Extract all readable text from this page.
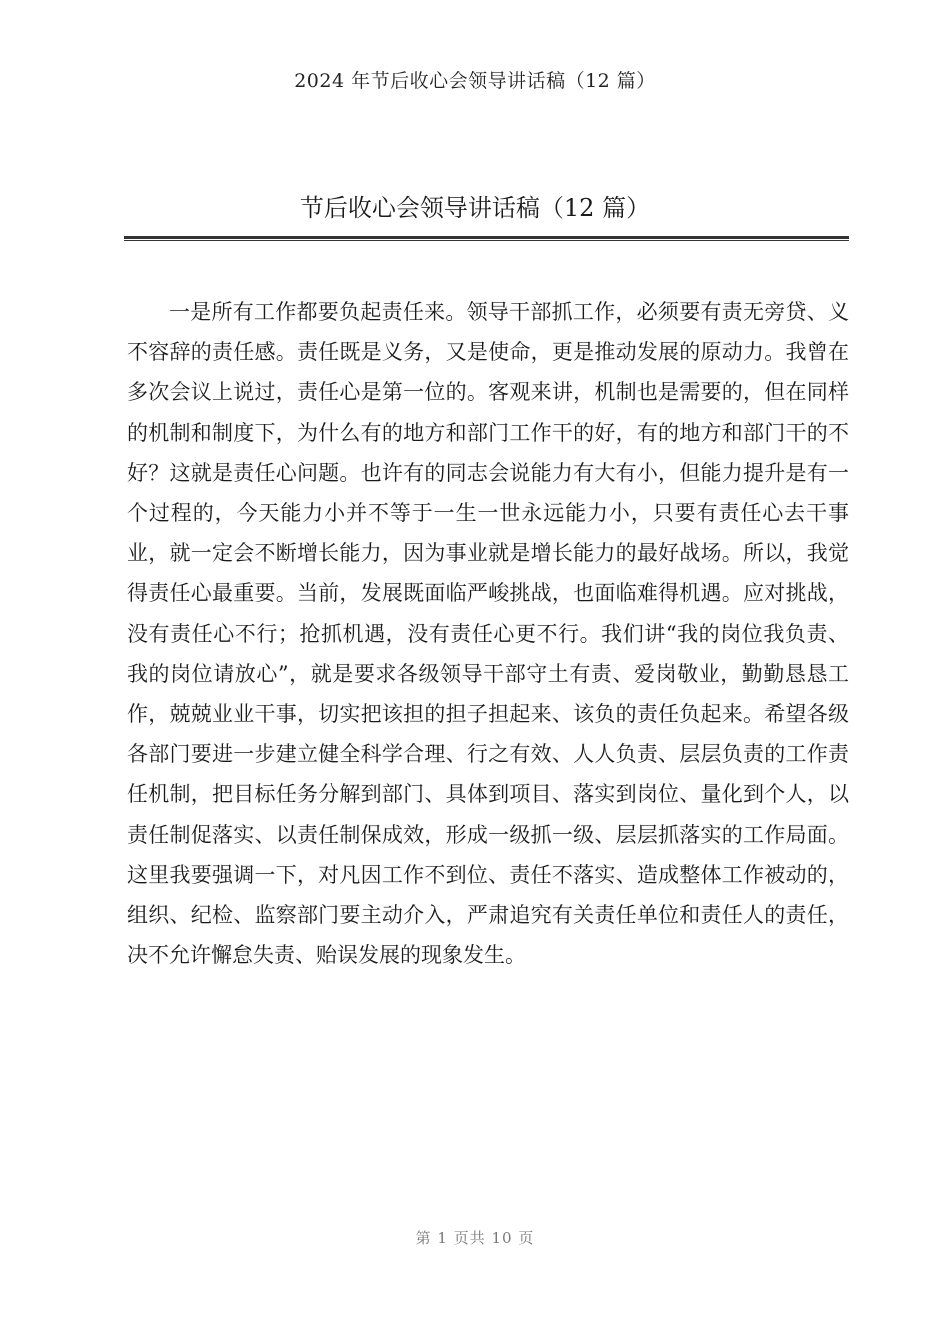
2024 年节后收心会领导讲话稿（12 篇）
节后收心会领导讲话稿（12 篇）

一是所有工作都要负起责任来。领导干部抓工作，必须要有责无旁贷、义不容辞的责任感。责任既是义务，又是使命，更是推动发展的原动力。我曾在多次会议上说过，责任心是第一位的。客观来讲，机制也是需要的，但在同样的机制和制度下，为什么有的地方和部门工作干的好，有的地方和部门干的不好？这就是责任心问题。也许有的同志会说能力有大有小，但能力提升是有一个过程的，今天能力小并不等于一生一世永远能力小，只要有责任心去干事业，就一定会不断增长能力，因为事业就是增长能力的最好战场。所以，我觉得责任心最重要。当前，发展既面临严峻挑战，也面临难得机遇。应对挑战，没有责任心不行；抢抓机遇，没有责任心更不行。我们讲“我的岗位我负责、我的岗位请放心”，就是要求各级领导干部守土有责、爱岗敬业，勤勤恳恳工作，兢兢业业干事，切实把该担的担子担起来、该负的责任负起来。希望各级各部门要进一步建立健全科学合理、行之有效、人人负责、层层负责的工作责任机制，把目标任务分解到部门、具体到项目、落实到岗位、量化到个人，以责任制促落实、以责任制保成效，形成一级抓一级、层层抓落实的工作局面。这里我要强调一下，对凡因工作不到位、责任不落实、造成整体工作被动的，组织、纪检、监察部门要主动介入，严肃追究有关责任单位和责任人的责任，决不允许懈怠失责、贻误发展的现象发生。

第 1 页共 10 页
